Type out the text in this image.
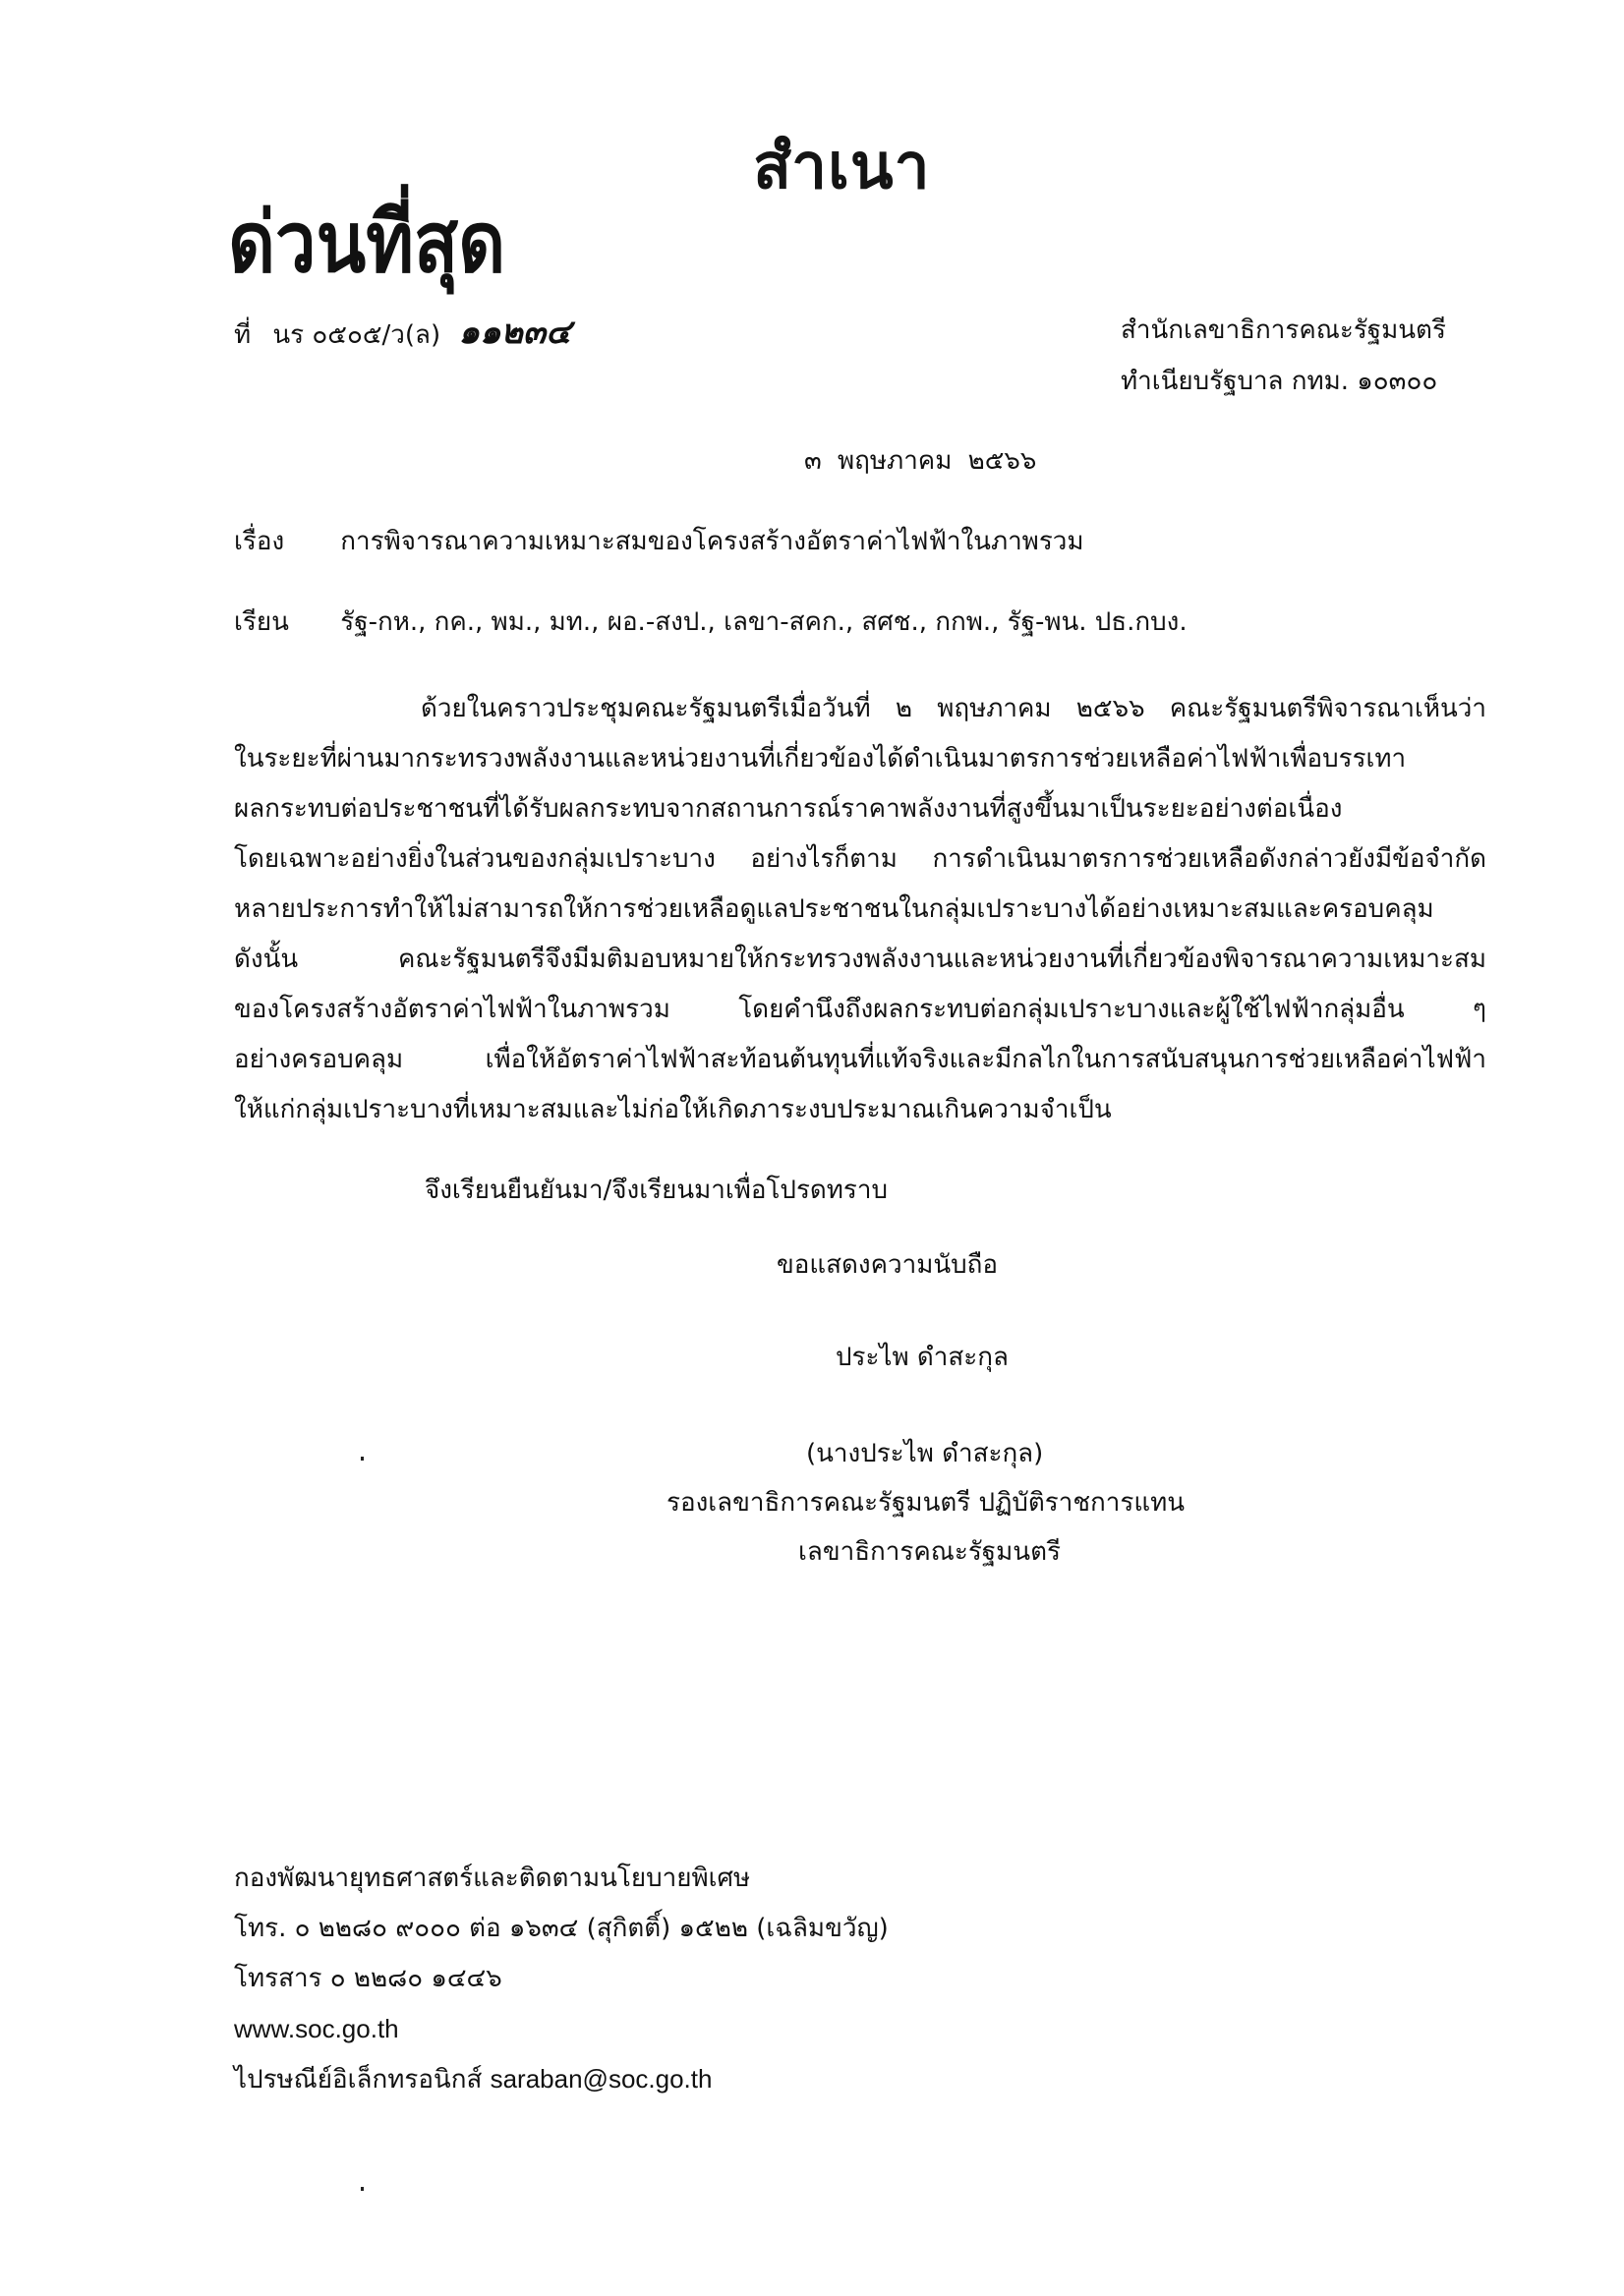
สำเนา
ด่วนที่สุด
ที่ นร ๐๕๐๕/ว(ล) ๑๑๒๓๔	สำนักเลขาธิการคณะรัฐมนตรี
ทำเนียบรัฐบาล กทม. ๑๐๓๐๐
๓ พฤษภาคม ๒๕๖๖
เรื่อง การพิจารณาความเหมาะสมของโครงสร้างอัตราค่าไฟฟ้าในภาพรวม
เรียน รัฐ-กห., กค., พม., มท., ผอ.-สงป., เลขา-สคก., สศช., กกพ., รัฐ-พน. ปธ.กบง.
ด้วยในคราวประชุมคณะรัฐมนตรีเมื่อวันที่ ๒ พฤษภาคม ๒๕๖๖ คณะรัฐมนตรีพิจารณาเห็นว่า
ในระยะที่ผ่านมากระทรวงพลังงานและหน่วยงานที่เกี่ยวข้องได้ดำเนินมาตรการช่วยเหลือค่าไฟฟ้าเพื่อบรรเทา
ผลกระทบต่อประชาชนที่ได้รับผลกระทบจากสถานการณ์ราคาพลังงานที่สูงขึ้นมาเป็นระยะอย่างต่อเนื่อง
โดยเฉพาะอย่างยิ่งในส่วนของกลุ่มเปราะบาง อย่างไรก็ตาม การดำเนินมาตรการช่วยเหลือดังกล่าวยังมีข้อจำกัด
หลายประการทำให้ไม่สามารถให้การช่วยเหลือดูแลประชาชนในกลุ่มเปราะบางได้อย่างเหมาะสมและครอบคลุม
ดังนั้น คณะรัฐมนตรีจึงมีมติมอบหมายให้กระทรวงพลังงานและหน่วยงานที่เกี่ยวข้องพิจารณาความเหมาะสม
ของโครงสร้างอัตราค่าไฟฟ้าในภาพรวม โดยคำนึงถึงผลกระทบต่อกลุ่มเปราะบางและผู้ใช้ไฟฟ้ากลุ่มอื่น ๆ
อย่างครอบคลุม เพื่อให้อัตราค่าไฟฟ้าสะท้อนต้นทุนที่แท้จริงและมีกลไกในการสนับสนุนการช่วยเหลือค่าไฟฟ้า
ให้แก่กลุ่มเปราะบางที่เหมาะสมและไม่ก่อให้เกิดภาระงบประมาณเกินความจำเป็น
จึงเรียนยืนยันมา/จึงเรียนมาเพื่อโปรดทราบ
ขอแสดงความนับถือ
ประไพ ดำสะกุล
(นางประไพ ดำสะกุล)
รองเลขาธิการคณะรัฐมนตรี ปฏิบัติราชการแทน
เลขาธิการคณะรัฐมนตรี
กองพัฒนายุทธศาสตร์และติดตามนโยบายพิเศษ
โทร. ๐ ๒๒๘๐ ๙๐๐๐ ต่อ ๑๖๓๔ (สุกิตติ์) ๑๕๒๒ (เฉลิมขวัญ)
โทรสาร ๐ ๒๒๘๐ ๑๔๔๖
www.soc.go.th
ไปรษณีย์อิเล็กทรอนิกส์ saraban@soc.go.th
